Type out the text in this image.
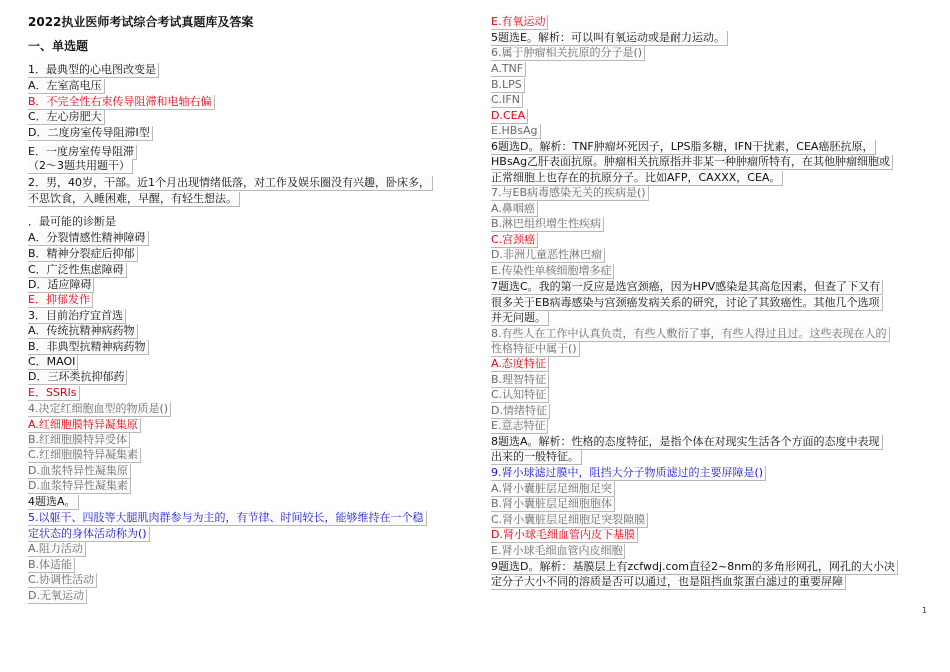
2022执业医师考试综合考试真题库及答案
一、单选题
1．最典型的心电图改变是
A．左室高电压
B．不完全性右束传导阻滞和电轴右偏
C．左心房肥大
D．二度房室传导阻滞Ⅰ型
E．一度房室传导阻滞
（2～3题共用题干）
2．男，40岁，干部。近1个月出现情绪低落，对工作及娱乐圈没有兴趣，卧床多，
不思饮食，入睡困难，早醒，有轻生想法。
．最可能的诊断是
A．分裂情感性精神障碍
B．精神分裂症后抑郁
C．广泛性焦虑障碍
D．适应障碍
E．抑郁发作
3．目前治疗宜首选
A．传统抗精神病药物
B．非典型抗精神病药物
C．MAOI
D．三环类抗抑郁药
E．SSRIs
4.决定红细胞血型的物质是()
A.红细胞膜特异凝集原
B.红细胞膜特异受体
C.红细胞膜特异凝集素
D.血浆特异性凝集原
D.血浆特异性凝集素
4题选A。
5.以躯干、四肢等大腿肌肉群参与为主的，有节律、时间较长，能够维持在一个稳
定状态的身体活动称为()
A.阻力活动
B.体适能
C.协调性活动
D.无氧运动
E.有氧运动
5题选E。解析：可以叫有氧运动或是耐力运动。
6.属于肿瘤相关抗原的分子是()
A.TNF
B.LPS
C.IFN
D.CEA
E.HBsAg
6题选D。解析：TNF肿瘤坏死因子，LPS脂多糖，IFN干扰素，CEA癌胚抗原，
HBsAg乙肝表面抗原。肿瘤相关抗原指并非某一种肿瘤所特有，在其他肿瘤细胞或
正常细胞上也存在的抗原分子。比如AFP，CAXXX，CEA。
7.与EB病毒感染无关的疾病是()
A.鼻咽癌
B.淋巴组织增生性疾病
C.宫颈癌
D.非洲儿童恶性淋巴瘤
E.传染性单核细胞增多症
7题选C。我的第一反应是选宫颈癌，因为HPV感染是其高危因素，但查了下又有
很多关于EB病毒感染与宫颈癌发病关系的研究，讨论了其致癌性。其他几个选项
并无问题。
8.有些人在工作中认真负责，有些人敷衍了事，有些人得过且过。这些表现在人的
性格特征中属于()
A.态度特征
B.理智特征
C.认知特征
D.情绪特征
E.意志特征
8题选A。解析：性格的态度特征，是指个体在对现实生活各个方面的态度中表现
出来的一般特征。
9.肾小球滤过膜中，阻挡大分子物质滤过的主要屏障是()
A.肾小囊脏层足细胞足突
B.肾小囊脏层足细胞胞体
C.肾小囊脏层足细胞足突裂隙膜
D.肾小球毛细血管内皮下基膜
E.肾小球毛细血管内皮细胞
9题选D。解析：基膜层上有zcfwdj.com直径2~8nm的多角形网孔，网孔的大小决
定分子大小不同的溶质是否可以通过，也是阻挡血浆蛋白滤过的重要屏障
1
